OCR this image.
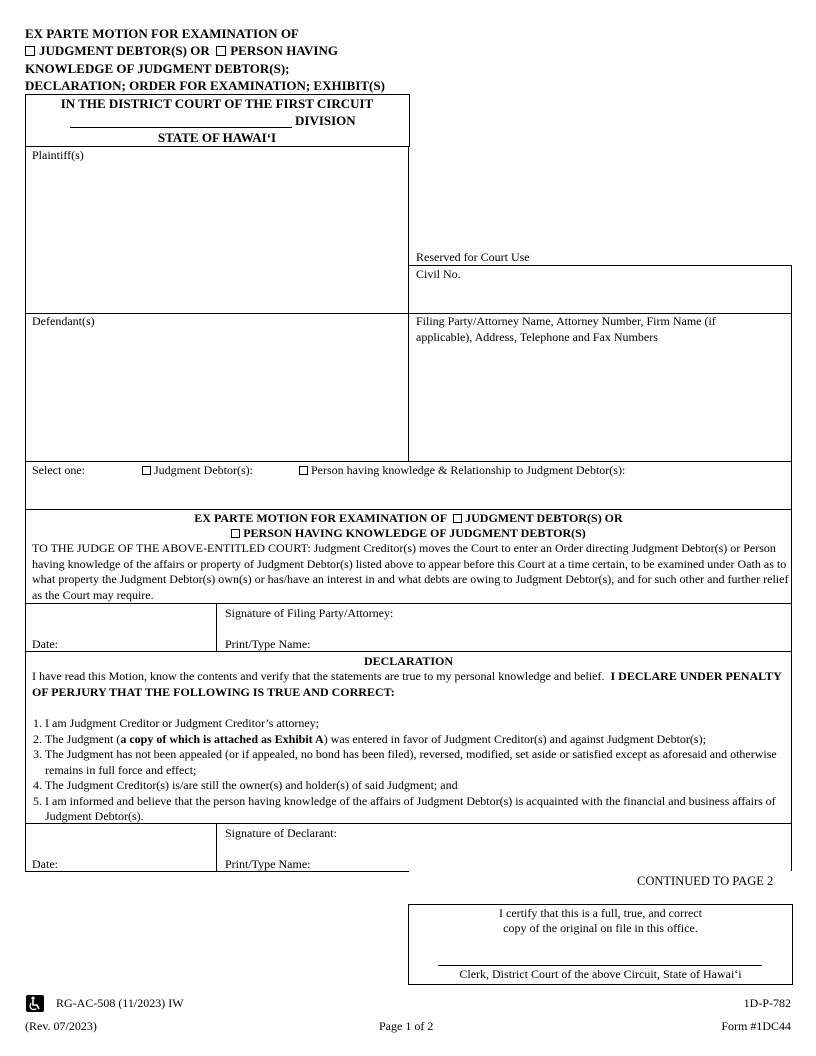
EX PARTE MOTION FOR EXAMINATION OF
JUDGMENT DEBTOR(S) OR PERSON HAVING
KNOWLEDGE OF JUDGMENT DEBTOR(S);
DECLARATION; ORDER FOR EXAMINATION; EXHIBIT(S)
IN THE DISTRICT COURT OF THE FIRST CIRCUIT
DIVISION
STATE OF HAWAIʻI
Plaintiff(s)
Reserved for Court Use
Civil No.
Defendant(s)	Filing Party/Attorney Name, Attorney Number, Firm Name (if applicable), Address, Telephone and Fax Numbers
Select one:	Judgment Debtor(s):	Person having knowledge & Relationship to Judgment Debtor(s):
EX PARTE MOTION FOR EXAMINATION OF JUDGMENT DEBTOR(S) OR
PERSON HAVING KNOWLEDGE OF JUDGMENT DEBTOR(S)
TO THE JUDGE OF THE ABOVE-ENTITLED COURT: Judgment Creditor(s) moves the Court to enter an Order directing Judgment Debtor(s) or Person having knowledge of the affairs or property of Judgment Debtor(s) listed above to appear before this Court at a time certain, to be examined under Oath as to what property the Judgment Debtor(s) own(s) or has/have an interest in and what debts are owing to Judgment Debtor(s), and for such other and further relief as the Court may require.
Date:
Signature of Filing Party/Attorney:
Print/Type Name:
DECLARATION
I have read this Motion, know the contents and verify that the statements are true to my personal knowledge and belief. I DECLARE UNDER PENALTY OF PERJURY THAT THE FOLLOWING IS TRUE AND CORRECT:
1. I am Judgment Creditor or Judgment Creditor’s attorney;
2. The Judgment (a copy of which is attached as Exhibit A) was entered in favor of Judgment Creditor(s) and against Judgment Debtor(s);
3. The Judgment has not been appealed (or if appealed, no bond has been filed), reversed, modified, set aside or satisfied except as aforesaid and otherwise remains in full force and effect;
4. The Judgment Creditor(s) is/are still the owner(s) and holder(s) of said Judgment; and
5. I am informed and believe that the person having knowledge of the affairs of Judgment Debtor(s) is acquainted with the financial and business affairs of Judgment Debtor(s).
Date:
Signature of Declarant:
Print/Type Name:
CONTINUED TO PAGE 2
I certify that this is a full, true, and correct
copy of the original on file in this office.
Clerk, District Court of the above Circuit, State of Hawaiʻi
RG-AC-508 (11/2023) IW
(Rev. 07/2023)	Page 1 of 2
1D-P-782
Form #1DC44
